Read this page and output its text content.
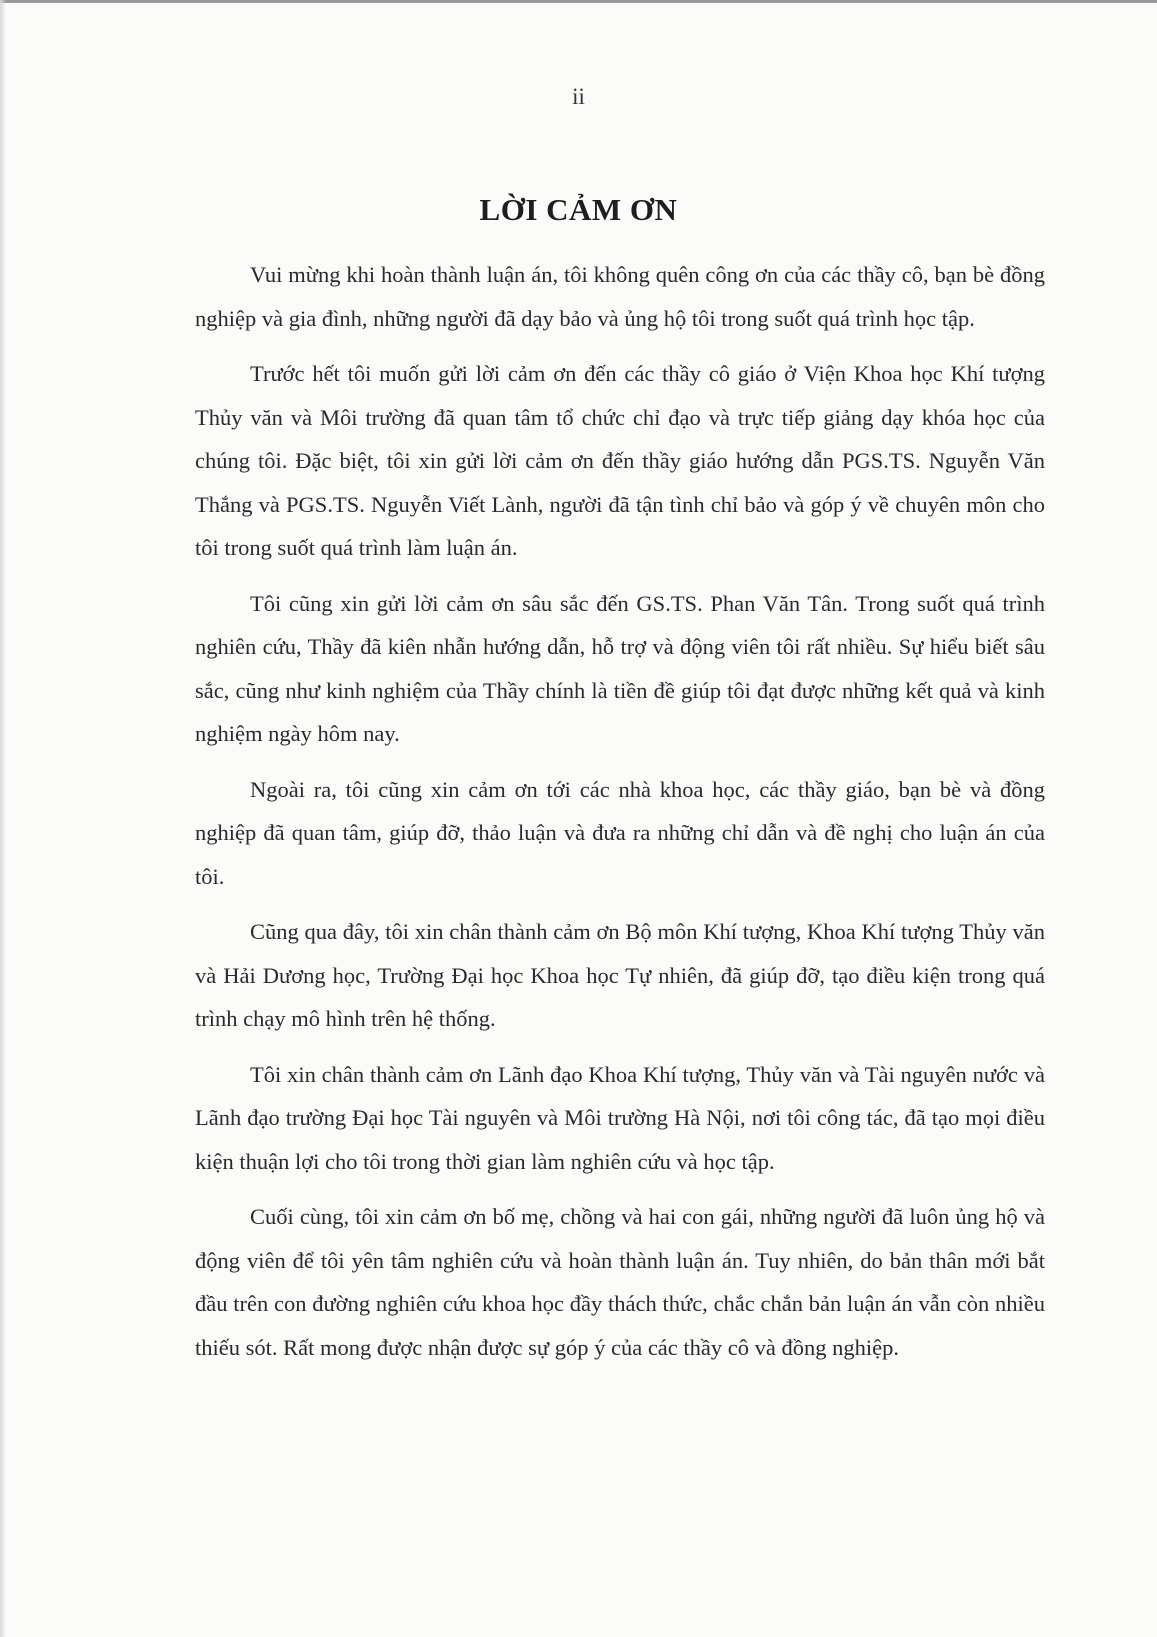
ii
LỜI CẢM ƠN

Vui mừng khi hoàn thành luận án, tôi không quên công ơn của các thầy cô, bạn bè đồng nghiệp và gia đình, những người đã dạy bảo và ủng hộ tôi trong suốt quá trình học tập.

Trước hết tôi muốn gửi lời cảm ơn đến các thầy cô giáo ở Viện Khoa học Khí tượng Thủy văn và Môi trường đã quan tâm tổ chức chỉ đạo và trực tiếp giảng dạy khóa học của chúng tôi. Đặc biệt, tôi xin gửi lời cảm ơn đến thầy giáo hướng dẫn PGS.TS. Nguyễn Văn Thắng và PGS.TS. Nguyễn Viết Lành, người đã tận tình chỉ bảo và góp ý về chuyên môn cho tôi trong suốt quá trình làm luận án.

Tôi cũng xin gửi lời cảm ơn sâu sắc đến GS.TS. Phan Văn Tân. Trong suốt quá trình nghiên cứu, Thầy đã kiên nhẫn hướng dẫn, hỗ trợ và động viên tôi rất nhiều. Sự hiểu biết sâu sắc, cũng như kinh nghiệm của Thầy chính là tiền đề giúp tôi đạt được những kết quả và kinh nghiệm ngày hôm nay.

Ngoài ra, tôi cũng xin cảm ơn tới các nhà khoa học, các thầy giáo, bạn bè và đồng nghiệp đã quan tâm, giúp đỡ, thảo luận và đưa ra những chỉ dẫn và đề nghị cho luận án của tôi.

Cũng qua đây, tôi xin chân thành cảm ơn Bộ môn Khí tượng, Khoa Khí tượng Thủy văn và Hải Dương học, Trường Đại học Khoa học Tự nhiên, đã giúp đỡ, tạo điều kiện trong quá trình chạy mô hình trên hệ thống.

Tôi xin chân thành cảm ơn Lãnh đạo Khoa Khí tượng, Thủy văn và Tài nguyên nước và Lãnh đạo trường Đại học Tài nguyên và Môi trường Hà Nội, nơi tôi công tác, đã tạo mọi điều kiện thuận lợi cho tôi trong thời gian làm nghiên cứu và học tập.

Cuối cùng, tôi xin cảm ơn bố mẹ, chồng và hai con gái, những người đã luôn ủng hộ và động viên để tôi yên tâm nghiên cứu và hoàn thành luận án. Tuy nhiên, do bản thân mới bắt đầu trên con đường nghiên cứu khoa học đầy thách thức, chắc chắn bản luận án vẫn còn nhiều thiếu sót. Rất mong được nhận được sự góp ý của các thầy cô và đồng nghiệp.
